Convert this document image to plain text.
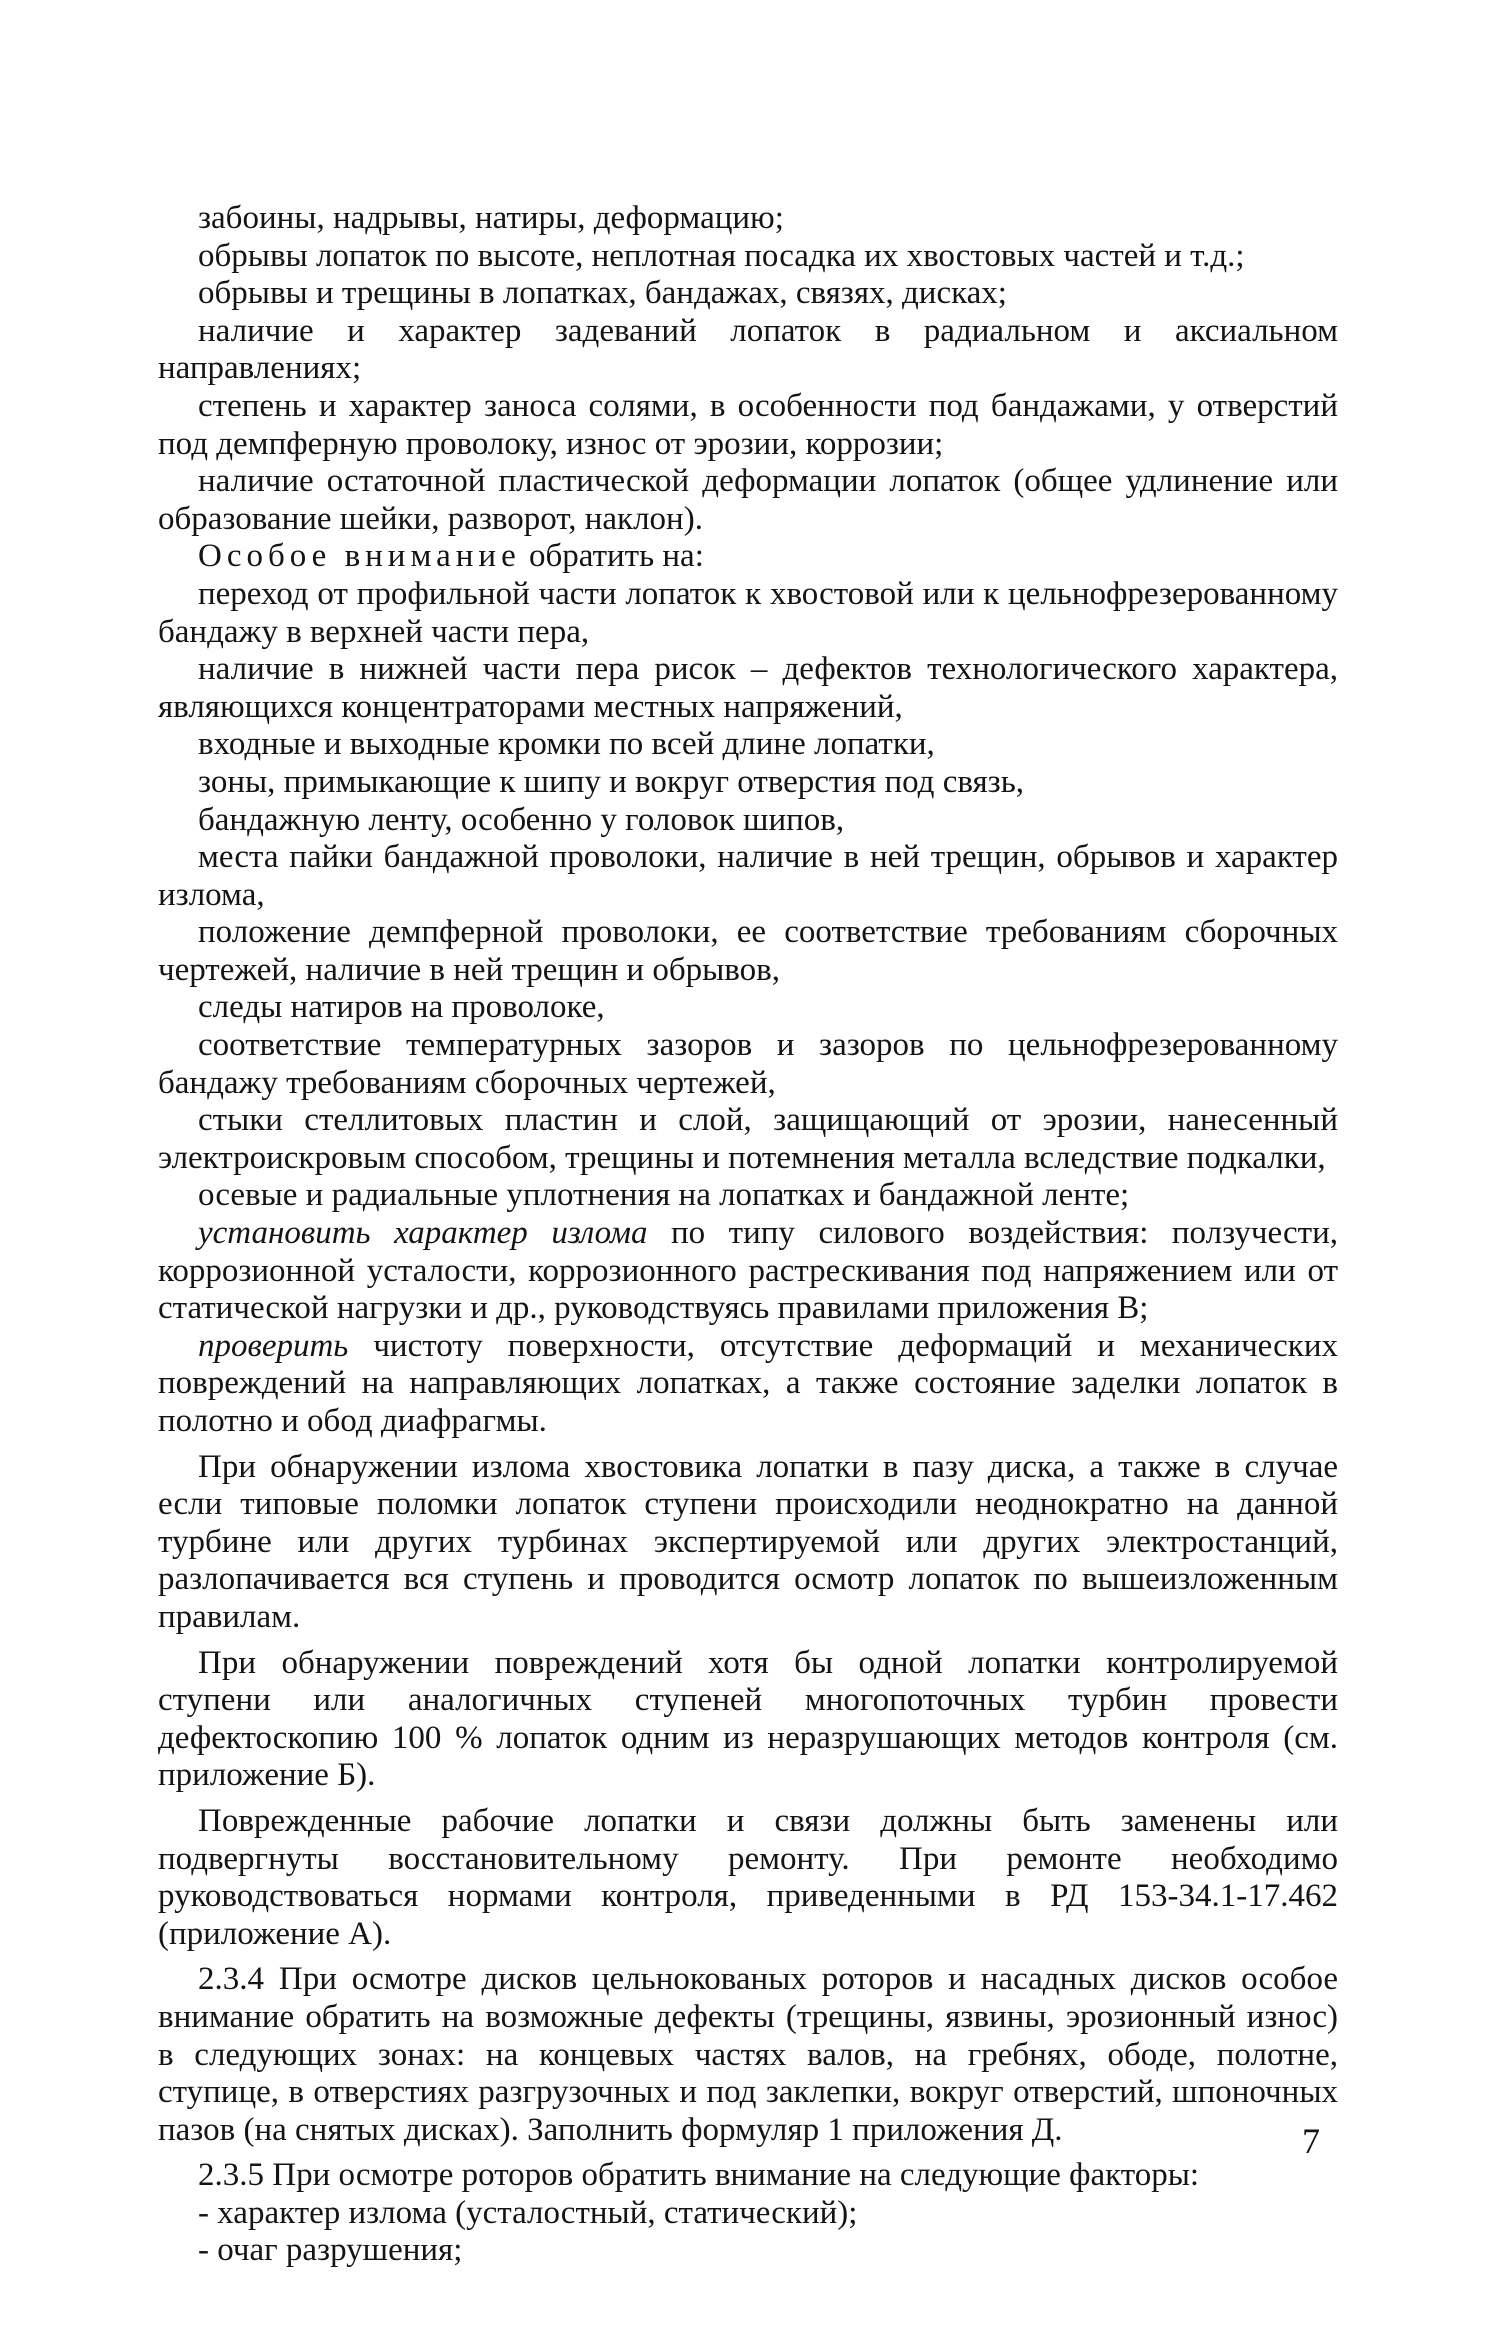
забоины, надрывы, натиры, деформацию;

обрывы лопаток по высоте, неплотная посадка их хвостовых частей и т.д.;

обрывы и трещины в лопатках, бандажах, связях, дисках;

наличие и характер задеваний лопаток в радиальном и аксиальном направлениях;

степень и характер заноса солями, в особенности под бандажами, у отверстий под демпферную проволоку, износ от эрозии, коррозии;

наличие остаточной пластической деформации лопаток (общее удлинение или образование шейки, разворот, наклон).

Особое внимание обратить на:

переход от профильной части лопаток к хвостовой или к цельнофрезерованному бандажу в верхней части пера,

наличие в нижней части пера рисок – дефектов технологического характера, являющихся концентраторами местных напряжений,

входные и выходные кромки по всей длине лопатки,

зоны, примыкающие к шипу и вокруг отверстия под связь,

бандажную ленту, особенно у головок шипов,

места пайки бандажной проволоки, наличие в ней трещин, обрывов и характер излома,

положение демпферной проволоки, ее соответствие требованиям сборочных чертежей, наличие в ней трещин и обрывов,

следы натиров на проволоке,

соответствие температурных зазоров и зазоров по цельнофрезерованному бандажу требованиям сборочных чертежей,

стыки стеллитовых пластин и слой, защищающий от эрозии, нанесенный электроискровым способом, трещины и потемнения металла вследствие подкалки,

осевые и радиальные уплотнения на лопатках и бандажной ленте;

установить характер излома по типу силового воздействия: ползучести, коррозионной усталости, коррозионного растрескивания под напряжением или от статической нагрузки и др., руководствуясь правилами приложения В;

проверить чистоту поверхности, отсутствие деформаций и механических повреждений на направляющих лопатках, а также состояние заделки лопаток в полотно и обод диафрагмы.

При обнаружении излома хвостовика лопатки в пазу диска, а также в случае если типовые поломки лопаток ступени происходили неоднократно на данной турбине или других турбинах экспертируемой или других электростанций, разлопачивается вся ступень и проводится осмотр лопаток по вышеизложенным правилам.

При обнаружении повреждений хотя бы одной лопатки контролируемой ступени или аналогичных ступеней многопоточных турбин провести дефектоскопию 100 % лопаток одним из неразрушающих методов контроля (см. приложение Б).

Поврежденные рабочие лопатки и связи должны быть заменены или подвергнуты восстановительному ремонту. При ремонте необходимо руководствоваться нормами контроля, приведенными в РД 153-34.1-17.462 (приложение А).

2.3.4 При осмотре дисков цельнокованых роторов и насадных дисков особое внимание обратить на возможные дефекты (трещины, язвины, эрозионный износ) в следующих зонах: на концевых частях валов, на гребнях, ободе, полотне, ступице, в отверстиях разгрузочных и под заклепки, вокруг отверстий, шпоночных пазов (на снятых дисках). Заполнить формуляр 1 приложения Д.

2.3.5 При осмотре роторов обратить внимание на следующие факторы:

- характер излома (усталостный, статический);

- очаг разрушения;

7
